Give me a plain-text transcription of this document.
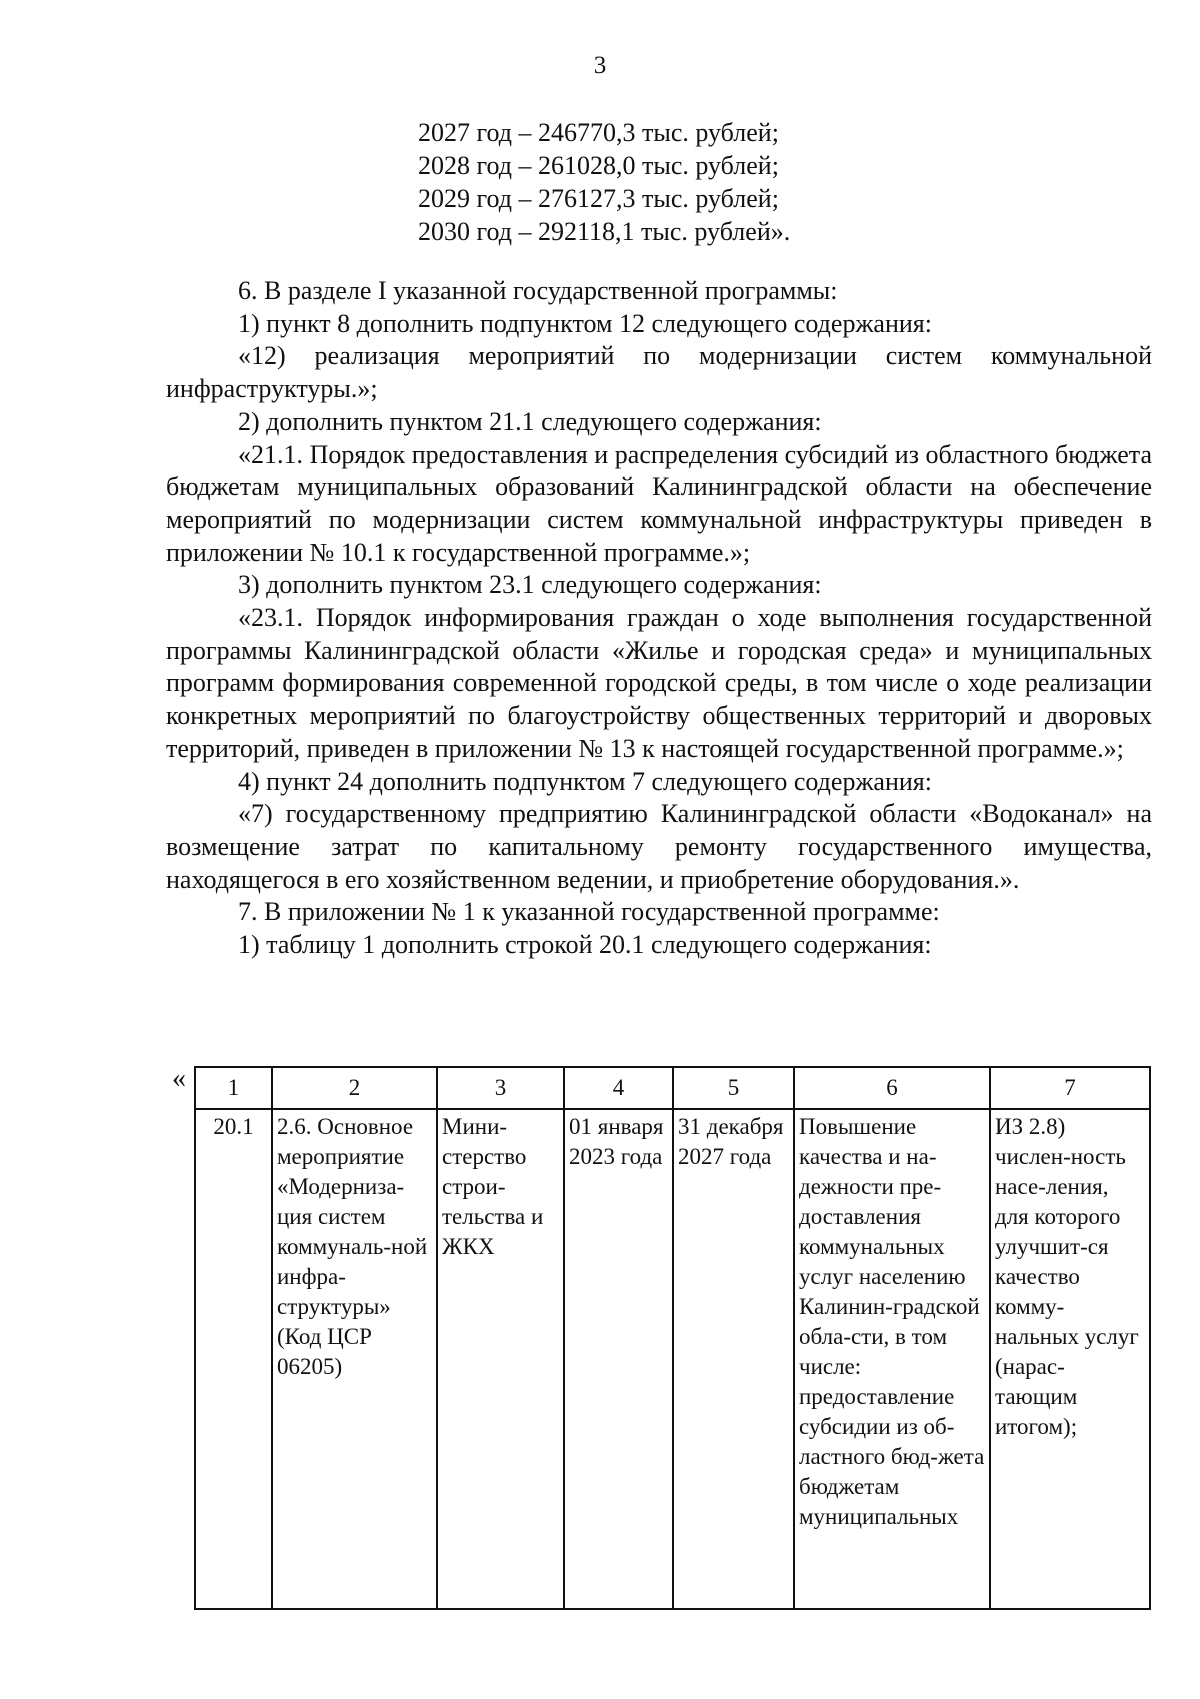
3
2027 год – 246770,3 тыс. рублей;
2028 год – 261028,0 тыс. рублей;
2029 год – 276127,3 тыс. рублей;
2030 год – 292118,1 тыс. рублей».

6. В разделе I указанной государственной программы:

1) пункт 8 дополнить подпунктом 12 следующего содержания:

«12) реализация мероприятий по модернизации систем коммунальной инфраструктуры.»;

2) дополнить пунктом 21.1 следующего содержания:

«21.1. Порядок предоставления и распределения субсидий из областного бюджета бюджетам муниципальных образований Калининградской области на обеспечение мероприятий по модернизации систем коммунальной инфраструктуры приведен в приложении № 10.1 к государственной программе.»;

3) дополнить пунктом 23.1 следующего содержания:

«23.1. Порядок информирования граждан о ходе выполнения государственной программы Калининградской области «Жилье и городская среда» и муниципальных программ формирования современной городской среды, в том числе о ходе реализации конкретных мероприятий по благоустройству общественных территорий и дворовых территорий, приведен в приложении № 13 к настоящей государственной программе.»;

4) пункт 24 дополнить подпунктом 7 следующего содержания:

«7) государственному предприятию Калининградской области «Водоканал» на возмещение затрат по капитальному ремонту государственного имущества, находящегося в его хозяйственном ведении, и приобретение оборудования.».

7. В приложении № 1 к указанной государственной программе:

1) таблицу 1 дополнить строкой 20.1 следующего содержания:

« 1	2	3	4	5	6	7
20.1	2.6. Основное мероприятие «Модерниза-ция систем коммуналь-ной инфра-структуры» (Код ЦСР 06205)	Мини-стерство строи-тельства и ЖКХ	01 января 2023 года	31 декабря 2027 года	Повышение качества и на-дежности пре-доставления коммунальных услуг населению Калинин-градской обла-сти, в том числе: предоставление субсидии из об-ластного бюд-жета бюджетам муниципальных	ИЗ 2.8) числен-ность насе-ления, для которого улучшит-ся качество комму-нальных услуг (нарас-тающим итогом);
